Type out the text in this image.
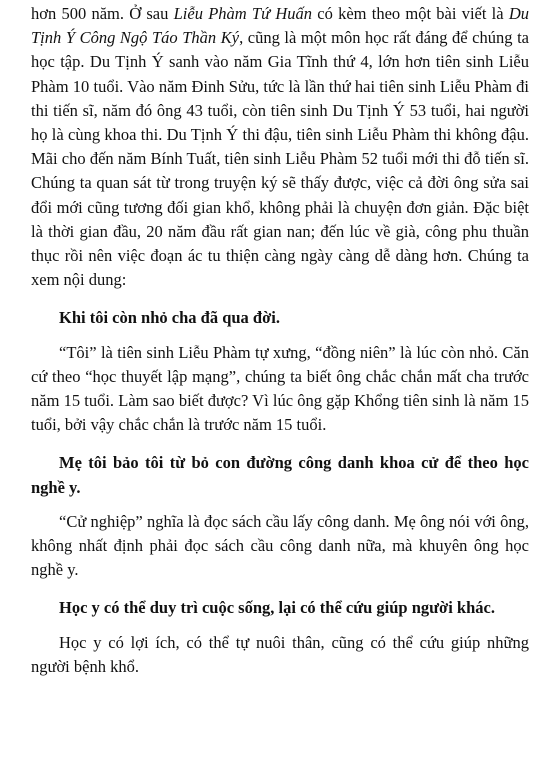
hơn 500 năm. Ở sau Liễu Phàm Tứ Huấn có kèm theo một bài viết là Du Tịnh Ý Công Ngộ Táo Thần Ký, cũng là một môn học rất đáng để chúng ta học tập. Du Tịnh Ý sanh vào năm Gia Tĩnh thứ 4, lớn hơn tiên sinh Liễu Phàm 10 tuổi. Vào năm Đinh Sửu, tức là lần thứ hai tiên sinh Liễu Phàm đi thi tiến sĩ, năm đó ông 43 tuổi, còn tiên sinh Du Tịnh Ý 53 tuổi, hai người họ là cùng khoa thi. Du Tịnh Ý thi đậu, tiên sinh Liễu Phàm thi không đậu. Mãi cho đến năm Bính Tuất, tiên sinh Liễu Phàm 52 tuổi mới thi đỗ tiến sĩ. Chúng ta quan sát từ trong truyện ký sẽ thấy được, việc cả đời ông sửa sai đổi mới cũng tương đối gian khổ, không phải là chuyện đơn giản. Đặc biệt là thời gian đầu, 20 năm đầu rất gian nan; đến lúc về già, công phu thuần thục rồi nên việc đoạn ác tu thiện càng ngày càng dễ dàng hơn. Chúng ta xem nội dung:

Khi tôi còn nhỏ cha đã qua đời.

“Tôi” là tiên sinh Liễu Phàm tự xưng, “đồng niên” là lúc còn nhỏ. Căn cứ theo “học thuyết lập mạng”, chúng ta biết ông chắc chắn mất cha trước năm 15 tuổi. Làm sao biết được? Vì lúc ông gặp Khổng tiên sinh là năm 15 tuổi, bởi vậy chắc chắn là trước năm 15 tuổi.

Mẹ tôi bảo tôi từ bỏ con đường công danh khoa cử để theo học nghề y.

“Cử nghiệp” nghĩa là đọc sách cầu lấy công danh. Mẹ ông nói với ông, không nhất định phải đọc sách cầu công danh nữa, mà khuyên ông học nghề y.

Học y có thể duy trì cuộc sống, lại có thể cứu giúp người khác.

Học y có lợi ích, có thể tự nuôi thân, cũng có thể cứu giúp những người bệnh khổ.
